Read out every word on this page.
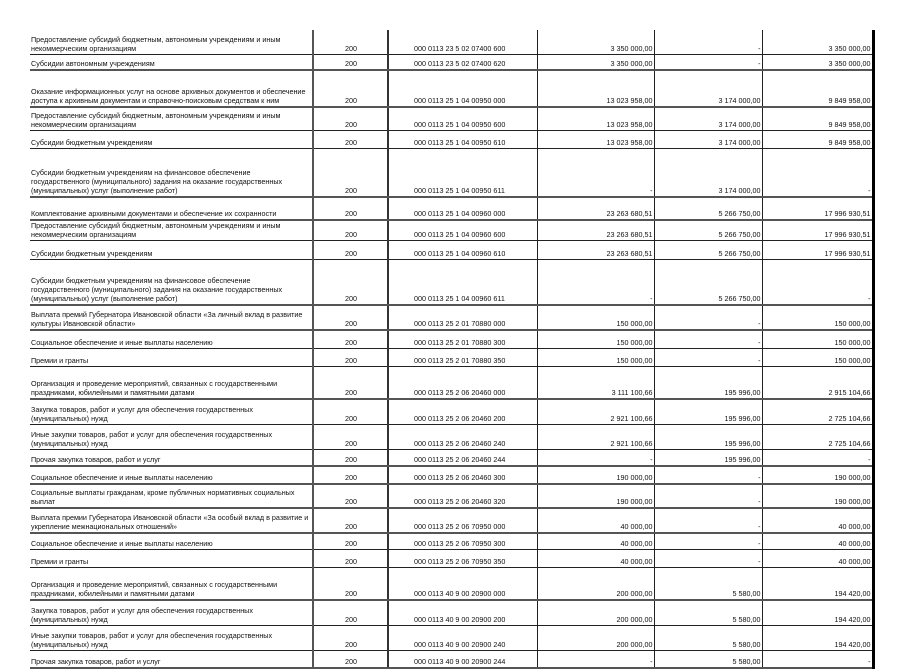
Предоставление субсидий бюджетным, автономным учреждениям и иным некоммерческим организациям	200	000 0113 23 5 02 07400 600	3 350 000,00	-	3 350 000,00
Субсидии автономным учреждениям	200	000 0113 23 5 02 07400 620	3 350 000,00	-	3 350 000,00
Оказание информационных услуг на основе архивных документов и обеспечение доступа к архивным документам и справочно-поисковым средствам к ним	200	000 0113 25 1 04 00950 000	13 023 958,00	3 174 000,00	9 849 958,00
Предоставление субсидий бюджетным, автономным учреждениям и иным некоммерческим организациям	200	000 0113 25 1 04 00950 600	13 023 958,00	3 174 000,00	9 849 958,00
Субсидии бюджетным учреждениям	200	000 0113 25 1 04 00950 610	13 023 958,00	3 174 000,00	9 849 958,00
Субсидии бюджетным учреждениям на финансовое обеспечение государственного (муниципального) задания на оказание государственных (муниципальных) услуг (выполнение работ)	200	000 0113 25 1 04 00950 611	-	3 174 000,00	-
Комплектование архивными документами и обеспечение их сохранности	200	000 0113 25 1 04 00960 000	23 263 680,51	5 266 750,00	17 996 930,51
Предоставление субсидий бюджетным, автономным учреждениям и иным некоммерческим организациям	200	000 0113 25 1 04 00960 600	23 263 680,51	5 266 750,00	17 996 930,51
Субсидии бюджетным учреждениям	200	000 0113 25 1 04 00960 610	23 263 680,51	5 266 750,00	17 996 930,51
Субсидии бюджетным учреждениям на финансовое обеспечение государственного (муниципального) задания на оказание государственных (муниципальных) услуг (выполнение работ)	200	000 0113 25 1 04 00960 611	-	5 266 750,00	-
Выплата премий Губернатора Ивановской области «За личный вклад в развитие культуры Ивановской области»	200	000 0113 25 2 01 70880 000	150 000,00	-	150 000,00
Социальное обеспечение и иные выплаты населению	200	000 0113 25 2 01 70880 300	150 000,00	-	150 000,00
Премии и гранты	200	000 0113 25 2 01 70880 350	150 000,00	-	150 000,00
Организация и проведение мероприятий, связанных с государственными праздниками, юбилейными и памятными датами	200	000 0113 25 2 06 20460 000	3 111 100,66	195 996,00	2 915 104,66
Закупка товаров, работ и услуг для обеспечения государственных (муниципальных) нужд	200	000 0113 25 2 06 20460 200	2 921 100,66	195 996,00	2 725 104,66
Иные закупки товаров, работ и услуг для обеспечения государственных (муниципальных) нужд	200	000 0113 25 2 06 20460 240	2 921 100,66	195 996,00	2 725 104,66
Прочая закупка товаров, работ и услуг	200	000 0113 25 2 06 20460 244	-	195 996,00	-
Социальное обеспечение и иные выплаты населению	200	000 0113 25 2 06 20460 300	190 000,00	-	190 000,00
Социальные выплаты гражданам, кроме публичных нормативных социальных выплат	200	000 0113 25 2 06 20460 320	190 000,00	-	190 000,00
Выплата премии Губернатора Ивановской области «За особый вклад в развитие и укрепление межнациональных отношений»	200	000 0113 25 2 06 70950 000	40 000,00	-	40 000,00
Социальное обеспечение и иные выплаты населению	200	000 0113 25 2 06 70950 300	40 000,00	-	40 000,00
Премии и гранты	200	000 0113 25 2 06 70950 350	40 000,00	-	40 000,00
Организация и проведение мероприятий, связанных с государственными праздниками, юбилейными и памятными датами	200	000 0113 40 9 00 20900 000	200 000,00	5 580,00	194 420,00
Закупка товаров, работ и услуг для обеспечения государственных (муниципальных) нужд	200	000 0113 40 9 00 20900 200	200 000,00	5 580,00	194 420,00
Иные закупки товаров, работ и услуг для обеспечения государственных (муниципальных) нужд	200	000 0113 40 9 00 20900 240	200 000,00	5 580,00	194 420,00
Прочая закупка товаров, работ и услуг	200	000 0113 40 9 00 20900 244	-	5 580,00	-
